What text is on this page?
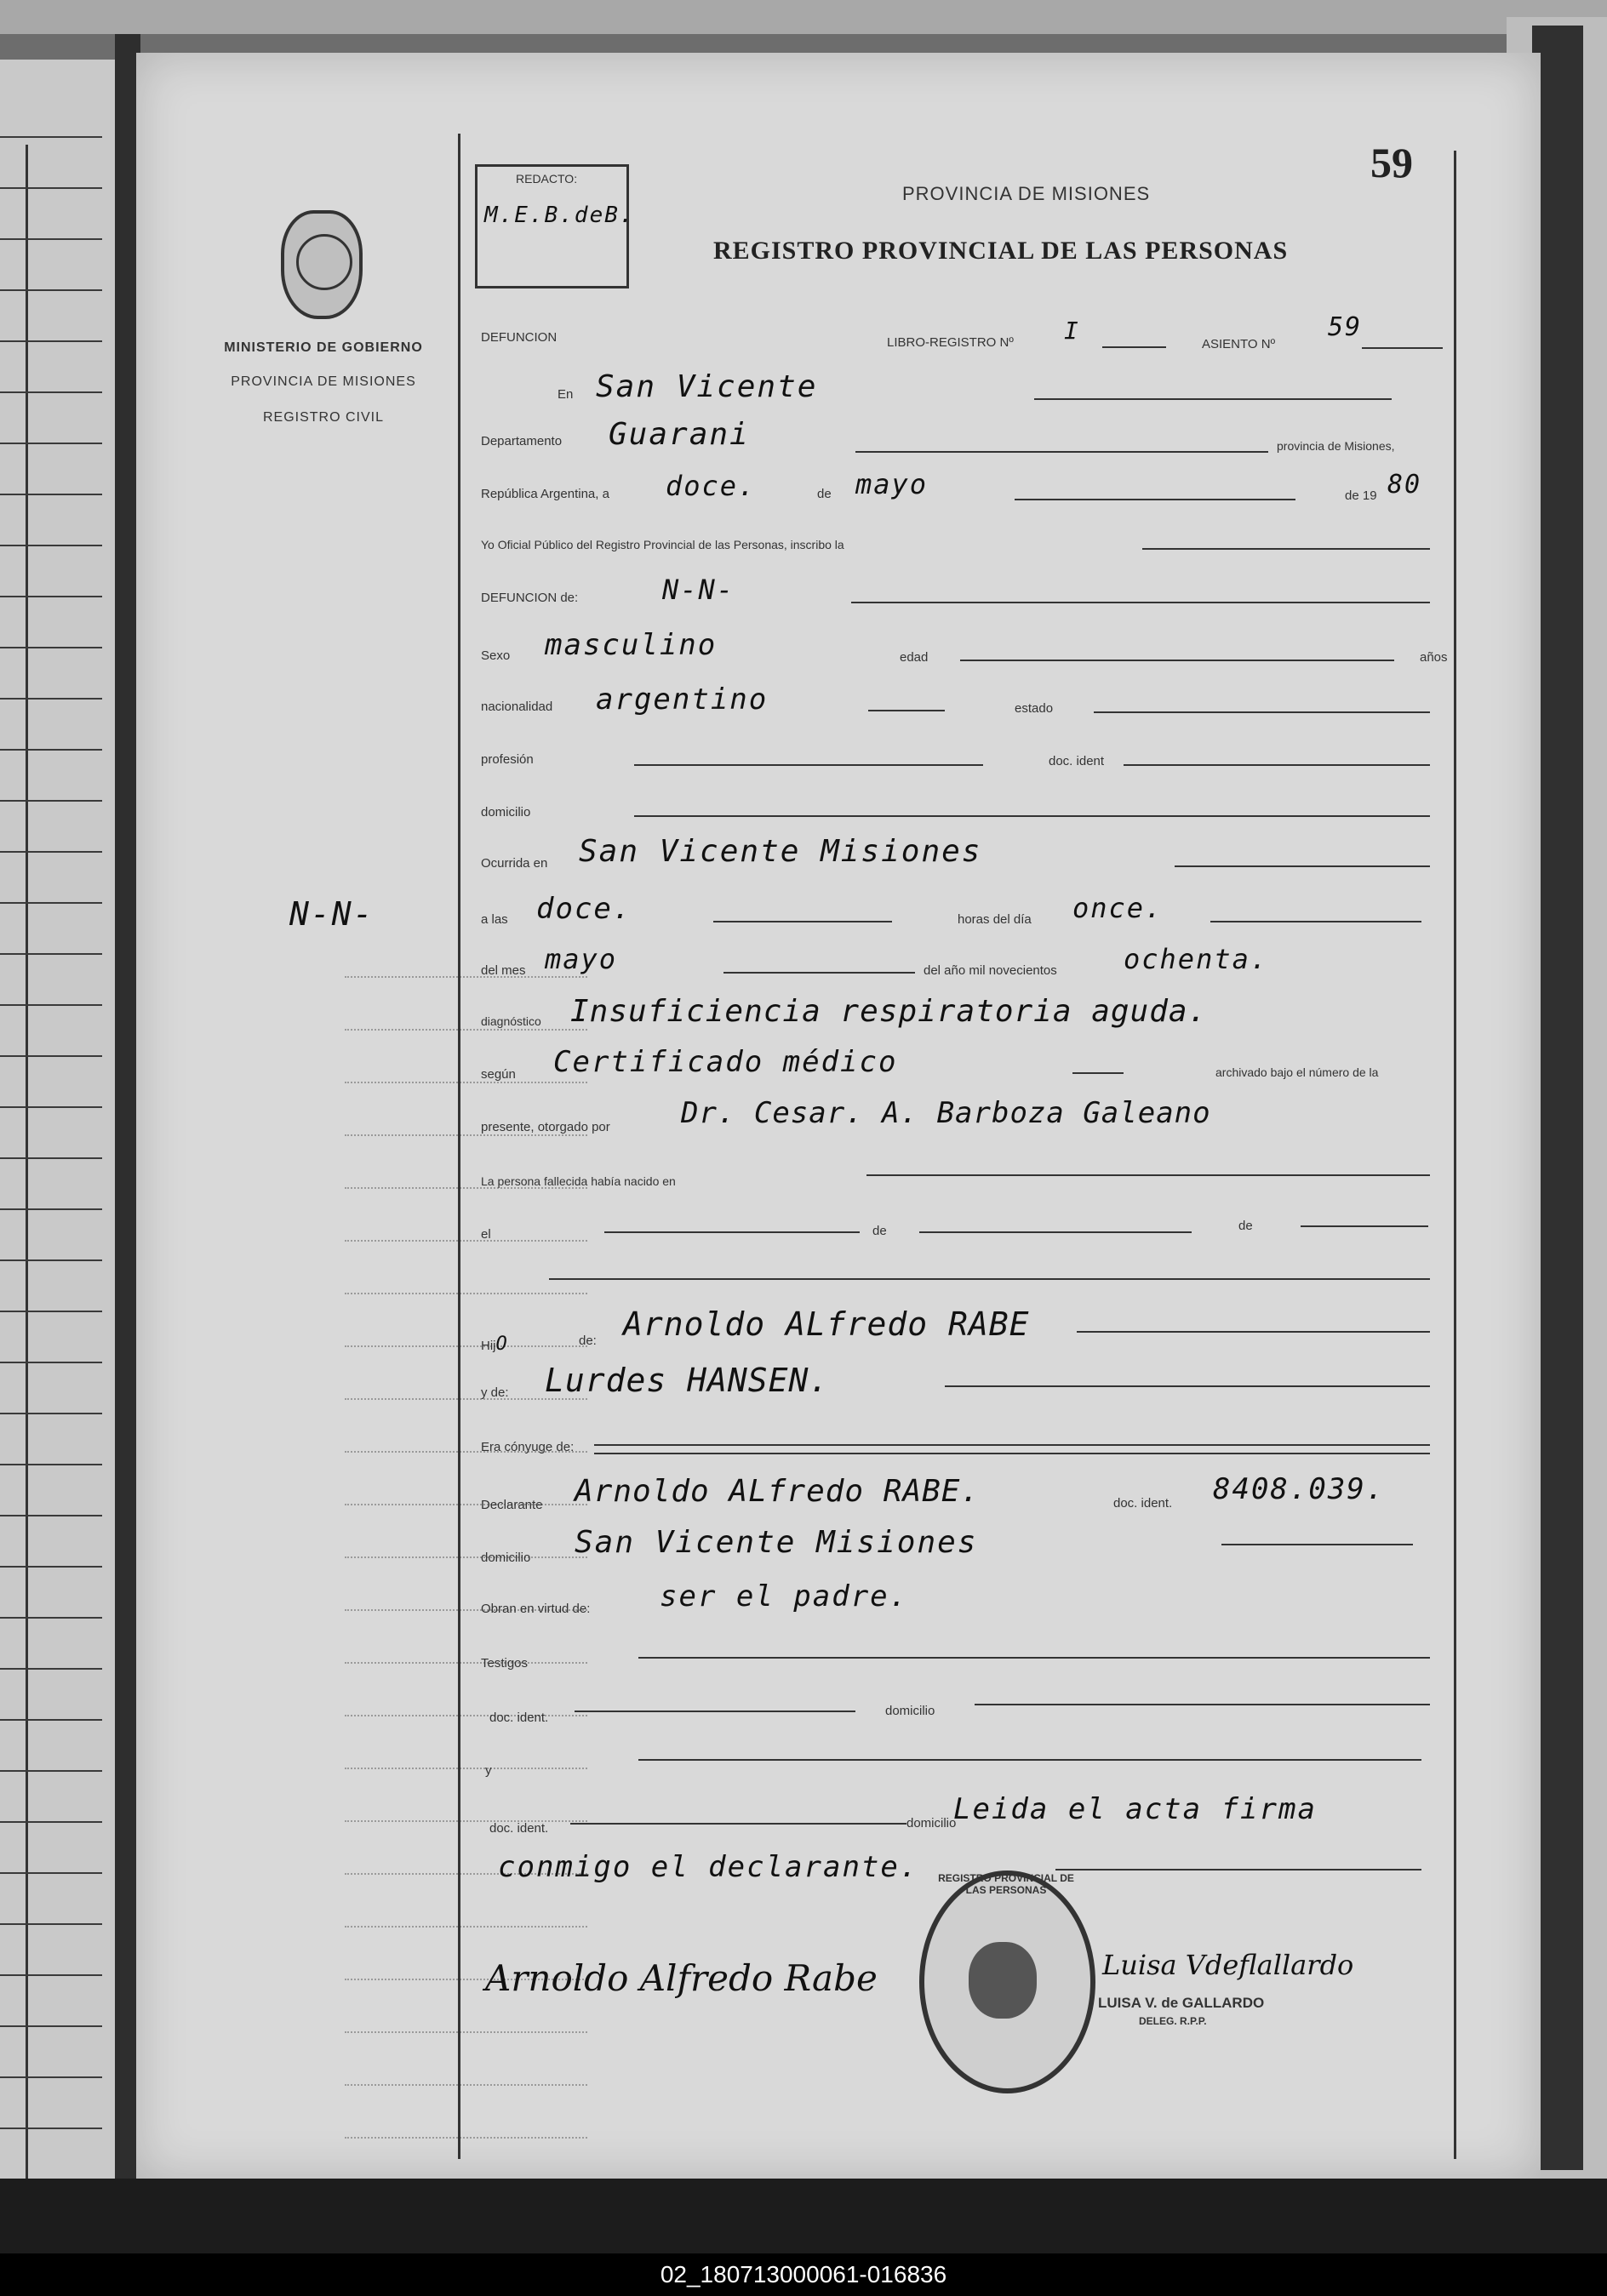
MINISTERIO DE GOBIERNO
PROVINCIA DE MISIONES
REGISTRO CIVIL
N-N-
REDACTO:
M.E.B.deB.
59
PROVINCIA DE MISIONES
REGISTRO PROVINCIAL DE LAS PERSONAS
DEFUNCION	LIBRO-REGISTRO Nº I	ASIENTO Nº
59
En San Vicente
Departamento Guarani	provincia de Misiones,
República Argentina, a doce.	de mayo	de 19 80
Yo Oficial Público del Registro Provincial de las Personas, inscribo la
DEFUNCION de:	N-N-
Sexo masculino	edad	años
nacionalidad argentino	estado
profesión	doc. ident
domicilio
Ocurrida en San Vicente Misiones
a las doce.	horas del día once.
del mes mayo	del año mil novecientos ochenta.
diagnóstico Insuficiencia respiratoria aguda.
según Certificado médico	archivado bajo el número de la
presente, otorgado por Dr. Cesar. A. Barboza Galeano
La persona fallecida había nacido en
el	de	de
HijO	de: Arnoldo ALfredo RABE
y de: Lurdes HANSEN.
Era cónyuge de:
Declarante Arnoldo ALfredo RABE.	doc. ident. 8408.039.
domicilio San Vicente Misiones
Obran en virtud de: ser el padre.
Testigos
doc. ident.	domicilio
y
doc. ident.	domicilio
Leida el acta firma
conmigo el declarante.
Arnoldo Alfredo Rabe
REGISTRO PROVINCIAL DE LAS PERSONAS
Luisa Vdeflallardo
LUISA V. de GALLARDO
DELEG. R.P.P.
02_180713000061-016836
